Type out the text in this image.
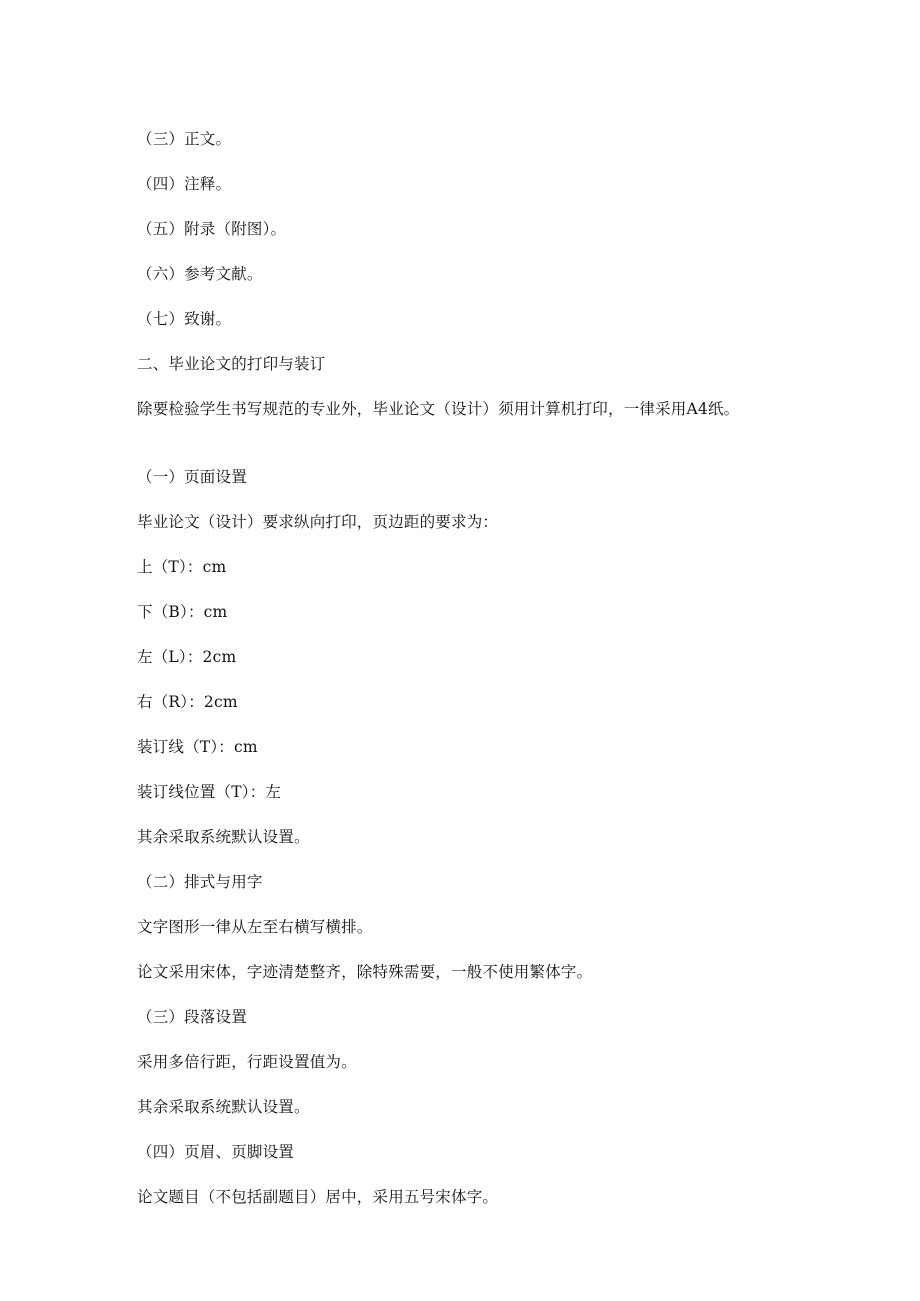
（三）正文。

（四）注释。

（五）附录（附图）。

（六）参考文献。

（七）致谢。

二、毕业论文的打印与装订

除要检验学生书写规范的专业外，毕业论文（设计）须用计算机打印，一律采用A4纸。

（一）页面设置

毕业论文（设计）要求纵向打印，页边距的要求为：

上（T）：cm

下（B）：cm

左（L）：2cm

右（R）：2cm

装订线（T）：cm

装订线位置（T）：左

其余采取系统默认设置。

（二）排式与用字

文字图形一律从左至右横写横排。

论文采用宋体，字迹清楚整齐，除特殊需要，一般不使用繁体字。

（三）段落设置

采用多倍行距，行距设置值为。

其余采取系统默认设置。

（四）页眉、页脚设置

论文题目（不包括副题目）居中，采用五号宋体字。
